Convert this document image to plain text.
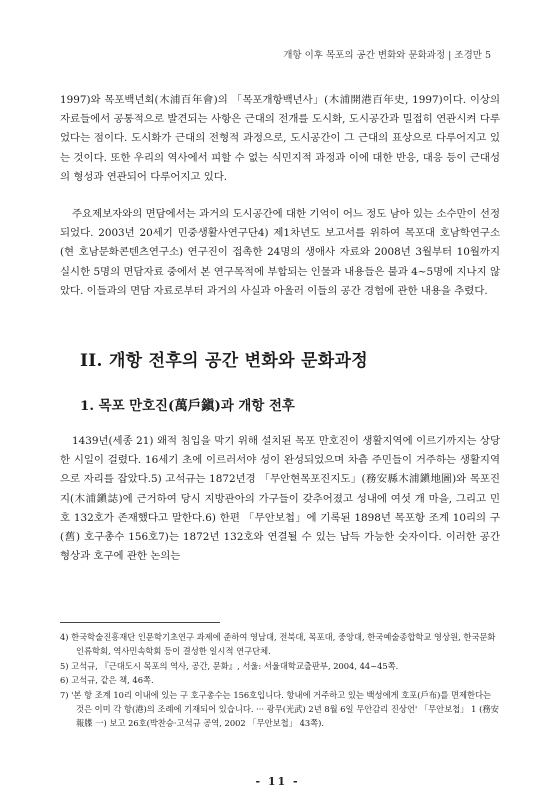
개항 이후 목포의 공간 변화와 문화과정 | 조경만 5

1997)와 목포백년회(木浦百年會)의 「목포개항백년사」(木浦開港百年史, 1997)이다. 이상의 자료들에서 공통적으로 발견되는 사항은 근대의 전개를 도시화, 도시공간과 밀접히 연관시켜 다루었다는 점이다. 도시화가 근대의 전형적 과정으로, 도시공간이 그 근대의 표상으로 다루어지고 있는 것이다. 또한 우리의 역사에서 피할 수 없는 식민지적 과정과 이에 대한 반응, 대응 등이 근대성의 형성과 연관되어 다루어지고 있다.

주요제보자와의 면담에서는 과거의 도시공간에 대한 기억이 어느 정도 남아 있는 소수만이 선정되었다. 2003년 20세기 민중생활사연구단4) 제1차년도 보고서를 위하여 목포대 호남학연구소(현 호남문화콘텐츠연구소) 연구진이 접촉한 24명의 생애사 자료와 2008년 3월부터 10월까지 실시한 5명의 면담자료 중에서 본 연구목적에 부합되는 인물과 내용들은 불과 4~5명에 지나지 않았다. 이들과의 면담 자료로부터 과거의 사실과 아울러 이들의 공간 경험에 관한 내용을 추렸다.

II. 개항 전후의 공간 변화와 문화과정
1. 목포 만호진(萬戶鎭)과 개항 전후

1439년(세종 21) 왜적 침입을 막기 위해 설치된 목포 만호진이 생활지역에 이르기까지는 상당한 시일이 걸렸다. 16세기 초에 이르러서야 성이 완성되었으며 차츰 주민들이 거주하는 생활지역으로 자리를 잡았다.5) 고석규는 1872년경 「무안현목포진지도」(務安縣木浦鎭地圖)와 목포진지(木浦鎭誌)에 근거하여 당시 지방관아의 가구들이 갖추어졌고 성내에 여섯 개 마을, 그리고 민호 132호가 존재했다고 말한다.6) 한편 「무안보첩」에 기록된 1898년 목포항 조계 10리의 구(舊) 호구총수 156호7)는 1872년 132호와 연결될 수 있는 납득 가능한 숫자이다. 이러한 공간 형상과 호구에 관한 논의는

4) 한국학술진흥재단 인문학기초연구 과제에 준하여 영남대, 전북대, 목포대, 중앙대, 한국예술종합학교 영상원, 한국문화인류학회, 역사민속학회 등이 결성한 일시적 연구단체.

5) 고석규, 『근대도시 목포의 역사, 공간, 문화』, 서울: 서울대학교출판부, 2004, 44~45쪽.

6) 고석규, 같은 책, 46쪽.

7) '본 항 조계 10리 이내에 있는 구 호구총수는 156호입니다. 항내에 거주하고 있는 백성에게 호포(戶布)를 면제한다는 것은 이미 각 항(港)의 조례에 기재되어 있습니다. ··· 광무(光武) 2년 8월 6일 무안감리 진상언' 「무안보첩」 1 (務安報牒 一) 보고 26호(박찬승·고석규 공역, 2002 「무안보첩」 43쪽).

- 11 -
